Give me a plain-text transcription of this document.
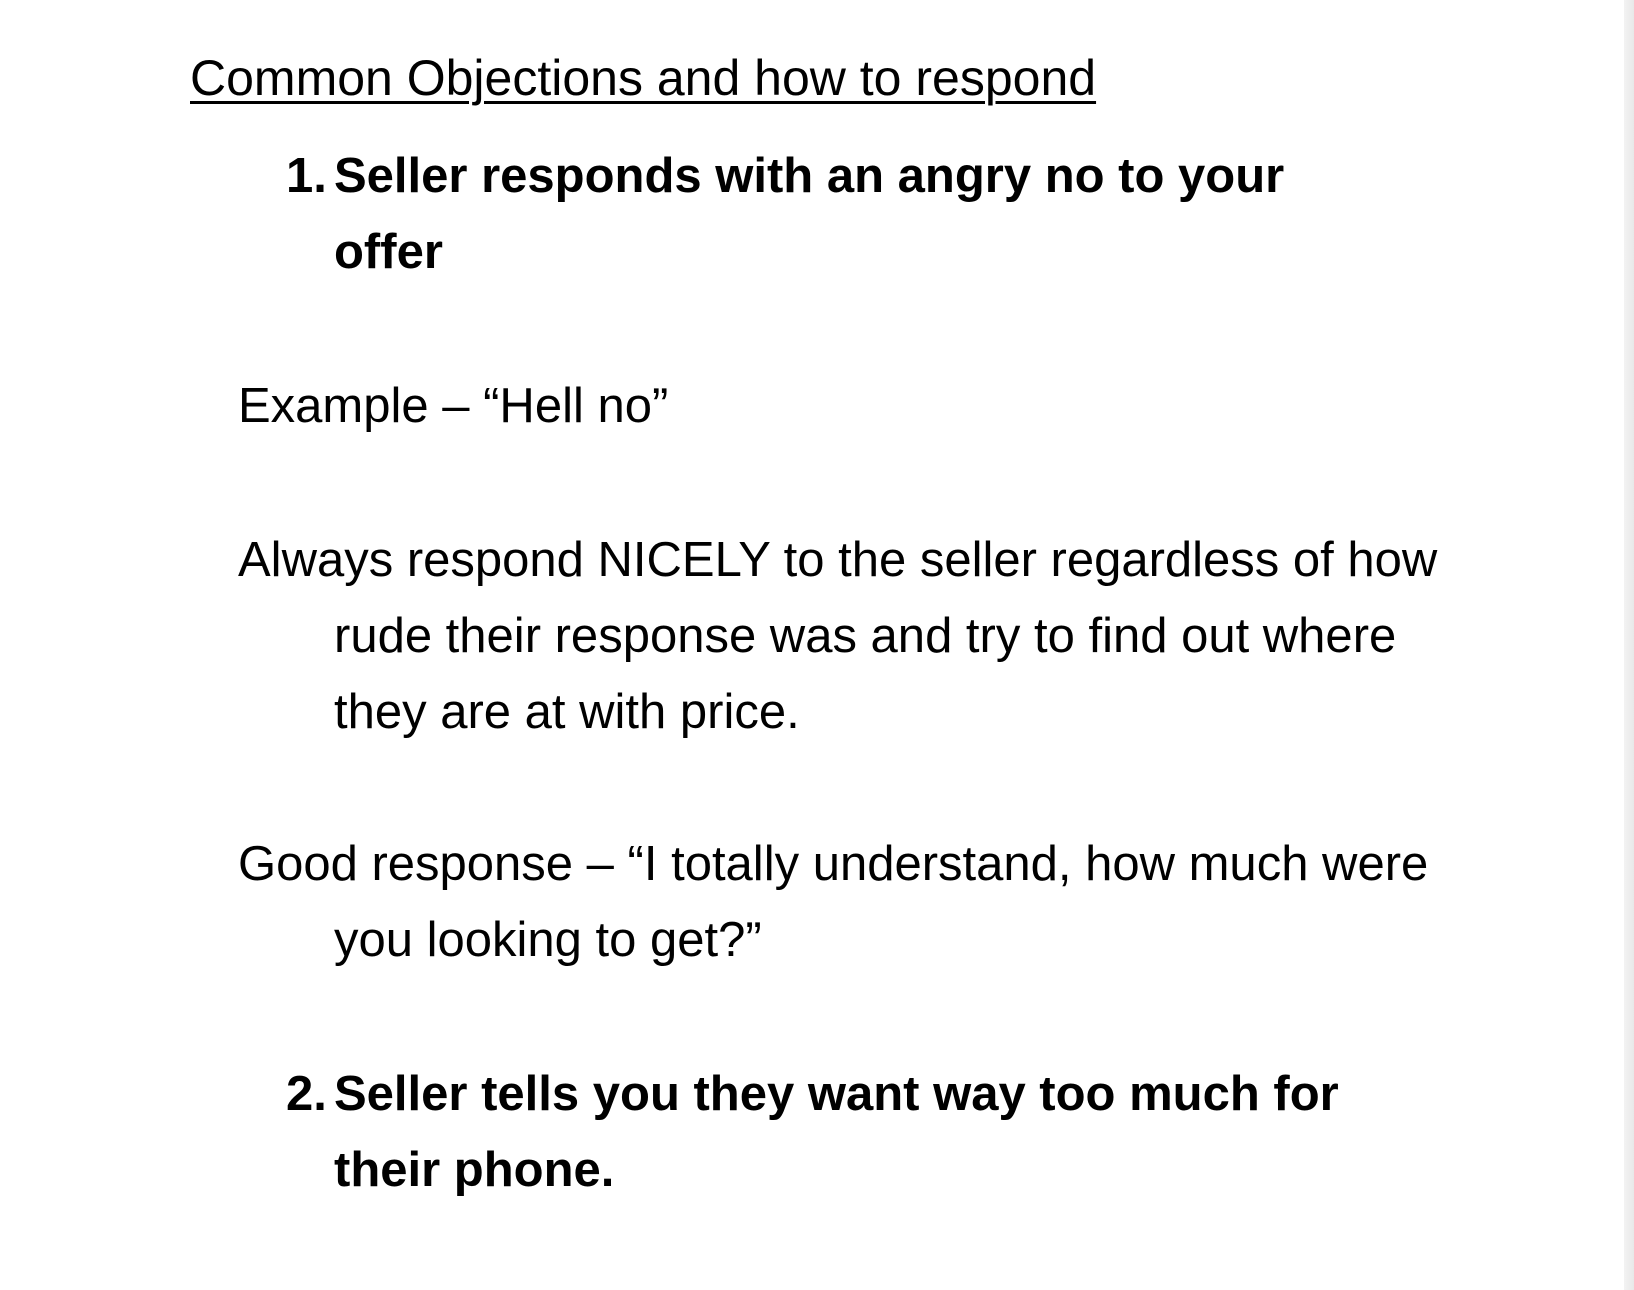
Common Objections and how to respond
1. Seller responds with an angry no to your offer
Example – “Hell no”
Always respond NICELY to the seller regardless of how rude their response was and try to find out where they are at with price.
Good response – “I totally understand, how much were you looking to get?”
2. Seller tells you they want way too much for their phone.
